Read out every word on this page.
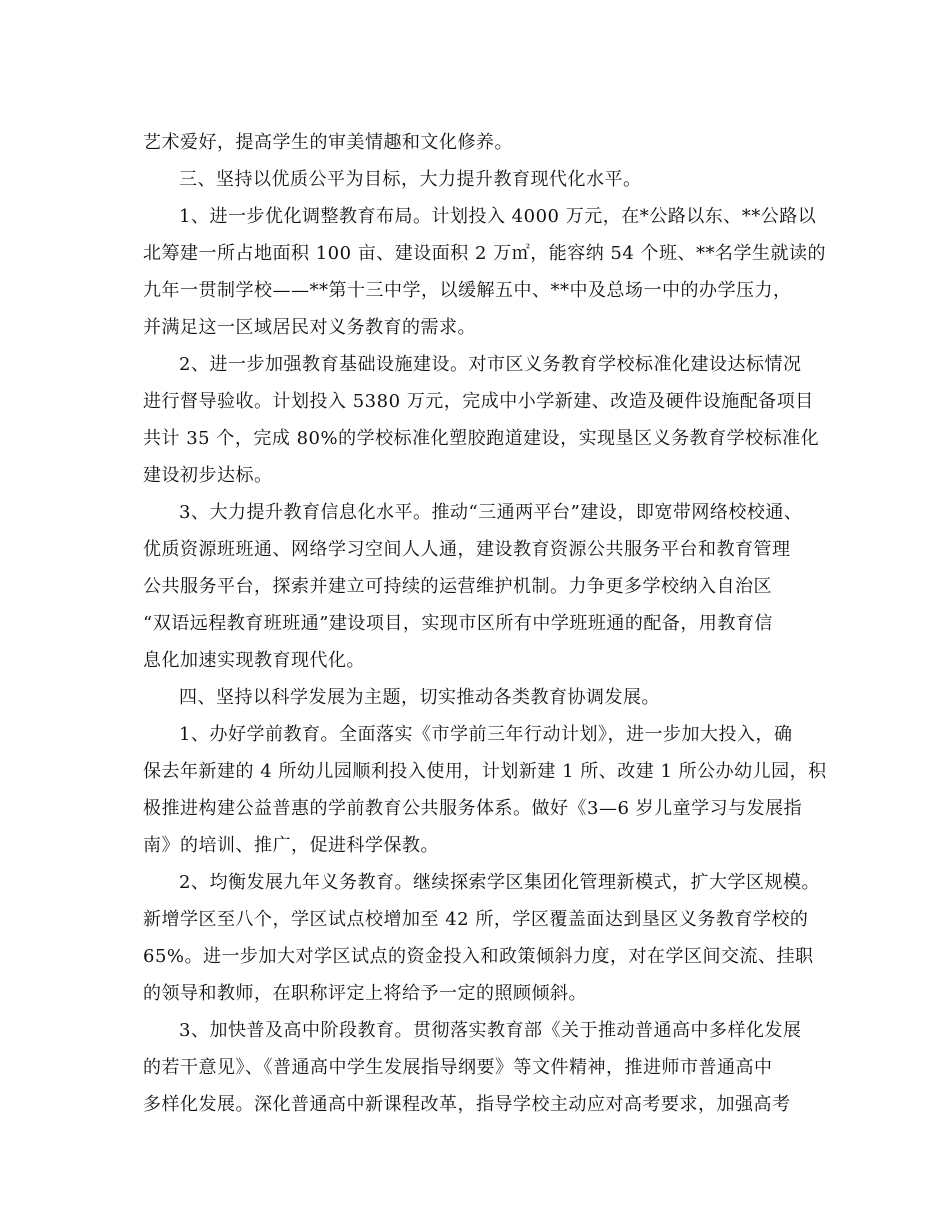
艺术爱好，提高学生的审美情趣和文化修养。
三、坚持以优质公平为目标，大力提升教育现代化水平。
1、进一步优化调整教育布局。计划投入 4000 万元，在*公路以东、**公路以
北筹建一所占地面积 100 亩、建设面积 2 万㎡，能容纳 54 个班、**名学生就读的
九年一贯制学校——**第十三中学，以缓解五中、**中及总场一中的办学压力，
并满足这一区域居民对义务教育的需求。
2、进一步加强教育基础设施建设。对市区义务教育学校标准化建设达标情况
进行督导验收。计划投入 5380 万元，完成中小学新建、改造及硬件设施配备项目
共计 35 个，完成 80%的学校标准化塑胶跑道建设，实现垦区义务教育学校标准化
建设初步达标。
3、大力提升教育信息化水平。推动“三通两平台”建设，即宽带网络校校通、
优质资源班班通、网络学习空间人人通，建设教育资源公共服务平台和教育管理
公共服务平台，探索并建立可持续的运营维护机制。力争更多学校纳入自治区
“双语远程教育班班通”建设项目，实现市区所有中学班班通的配备，用教育信
息化加速实现教育现代化。
四、坚持以科学发展为主题，切实推动各类教育协调发展。
1、办好学前教育。全面落实《市学前三年行动计划》，进一步加大投入，确
保去年新建的 4 所幼儿园顺利投入使用，计划新建 1 所、改建 1 所公办幼儿园，积
极推进构建公益普惠的学前教育公共服务体系。做好《3—6 岁儿童学习与发展指
南》的培训、推广，促进科学保教。
2、均衡发展九年义务教育。继续探索学区集团化管理新模式，扩大学区规模。
新增学区至八个，学区试点校增加至 42 所，学区覆盖面达到垦区义务教育学校的
65%。进一步加大对学区试点的资金投入和政策倾斜力度，对在学区间交流、挂职
的领导和教师，在职称评定上将给予一定的照顾倾斜。
3、加快普及高中阶段教育。贯彻落实教育部《关于推动普通高中多样化发展
的若干意见》、《普通高中学生发展指导纲要》等文件精神，推进师市普通高中
多样化发展。深化普通高中新课程改革，指导学校主动应对高考要求，加强高考
